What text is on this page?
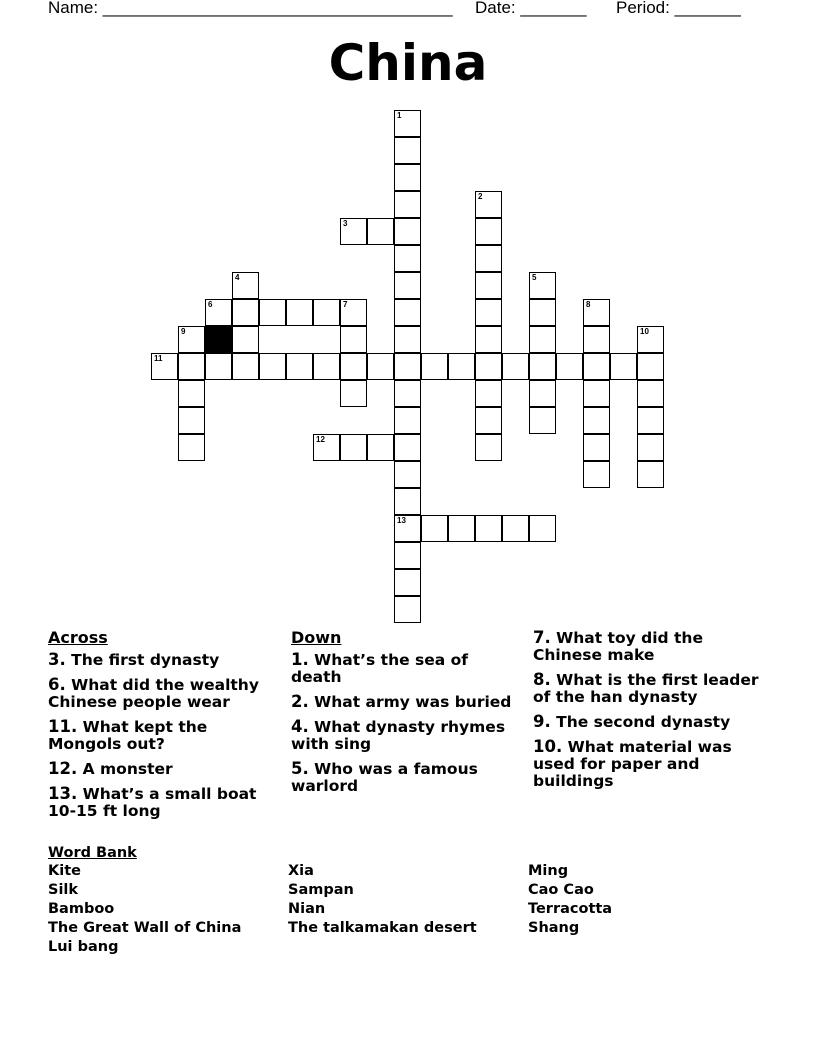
Name: _____________________________________ Date: _______ Period: _______
China
1
13
2
3
4	5
6	7	8
9	10
11
12
Across
3. The first dynasty
6. What did the wealthy Chinese people wear
11. What kept the Mongols out?
12. A monster
13. What’s a small boat 10-15 ft long
Down
1. What’s the sea of death
2. What army was buried
4. What dynasty rhymes with sing
5. Who was a famous warlord
7. What toy did the Chinese make
8. What is the first leader of the han dynasty
9. The second dynasty
10. What material was used for paper and buildings
Word Bank
Kite
Silk
Bamboo
The Great Wall of China
Lui bang
Xia
Sampan
Nian
The talkamakan desert
Ming
Cao Cao
Terracotta
Shang
